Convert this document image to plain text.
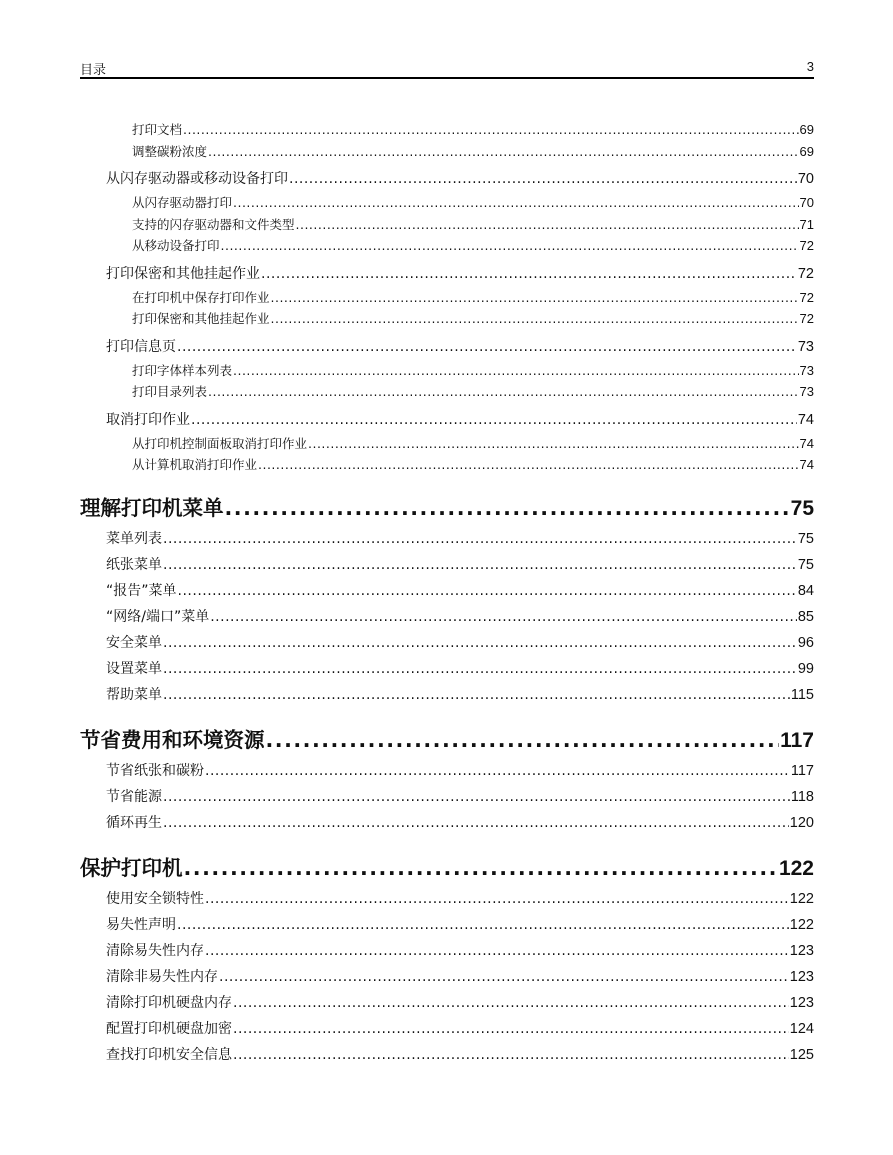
目录	3
打印文档 .....	69
调整碳粉浓度 .....	69
从闪存驱动器或移动设备打印 .....	70
从闪存驱动器打印 .....	70
支持的闪存驱动器和文件类型 .....	71
从移动设备打印 .....	72
打印保密和其他挂起作业 .....	72
在打印机中保存打印作业 .....	72
打印保密和其他挂起作业 .....	72
打印信息页 .....	73
打印字体样本列表 .....	73
打印目录列表 .....	73
取消打印作业 .....	74
从打印机控制面板取消打印作业 .....	74
从计算机取消打印作业 .....	74
理解打印机菜单 .....	75
菜单列表 .....	75
纸张菜单 .....	75
“报告”菜单 .....	84
“网络/端口”菜单 .....	85
安全菜单 .....	96
设置菜单 .....	99
帮助菜单 .....	115
节省费用和环境资源 .....	117
节省纸张和碳粉 .....	117
节省能源 .....	118
循环再生 .....	120
保护打印机 .....	122
使用安全锁特性 .....	122
易失性声明 .....	122
清除易失性内存 .....	123
清除非易失性内存 .....	123
清除打印机硬盘内存 .....	123
配置打印机硬盘加密 .....	124
查找打印机安全信息 .....	125
